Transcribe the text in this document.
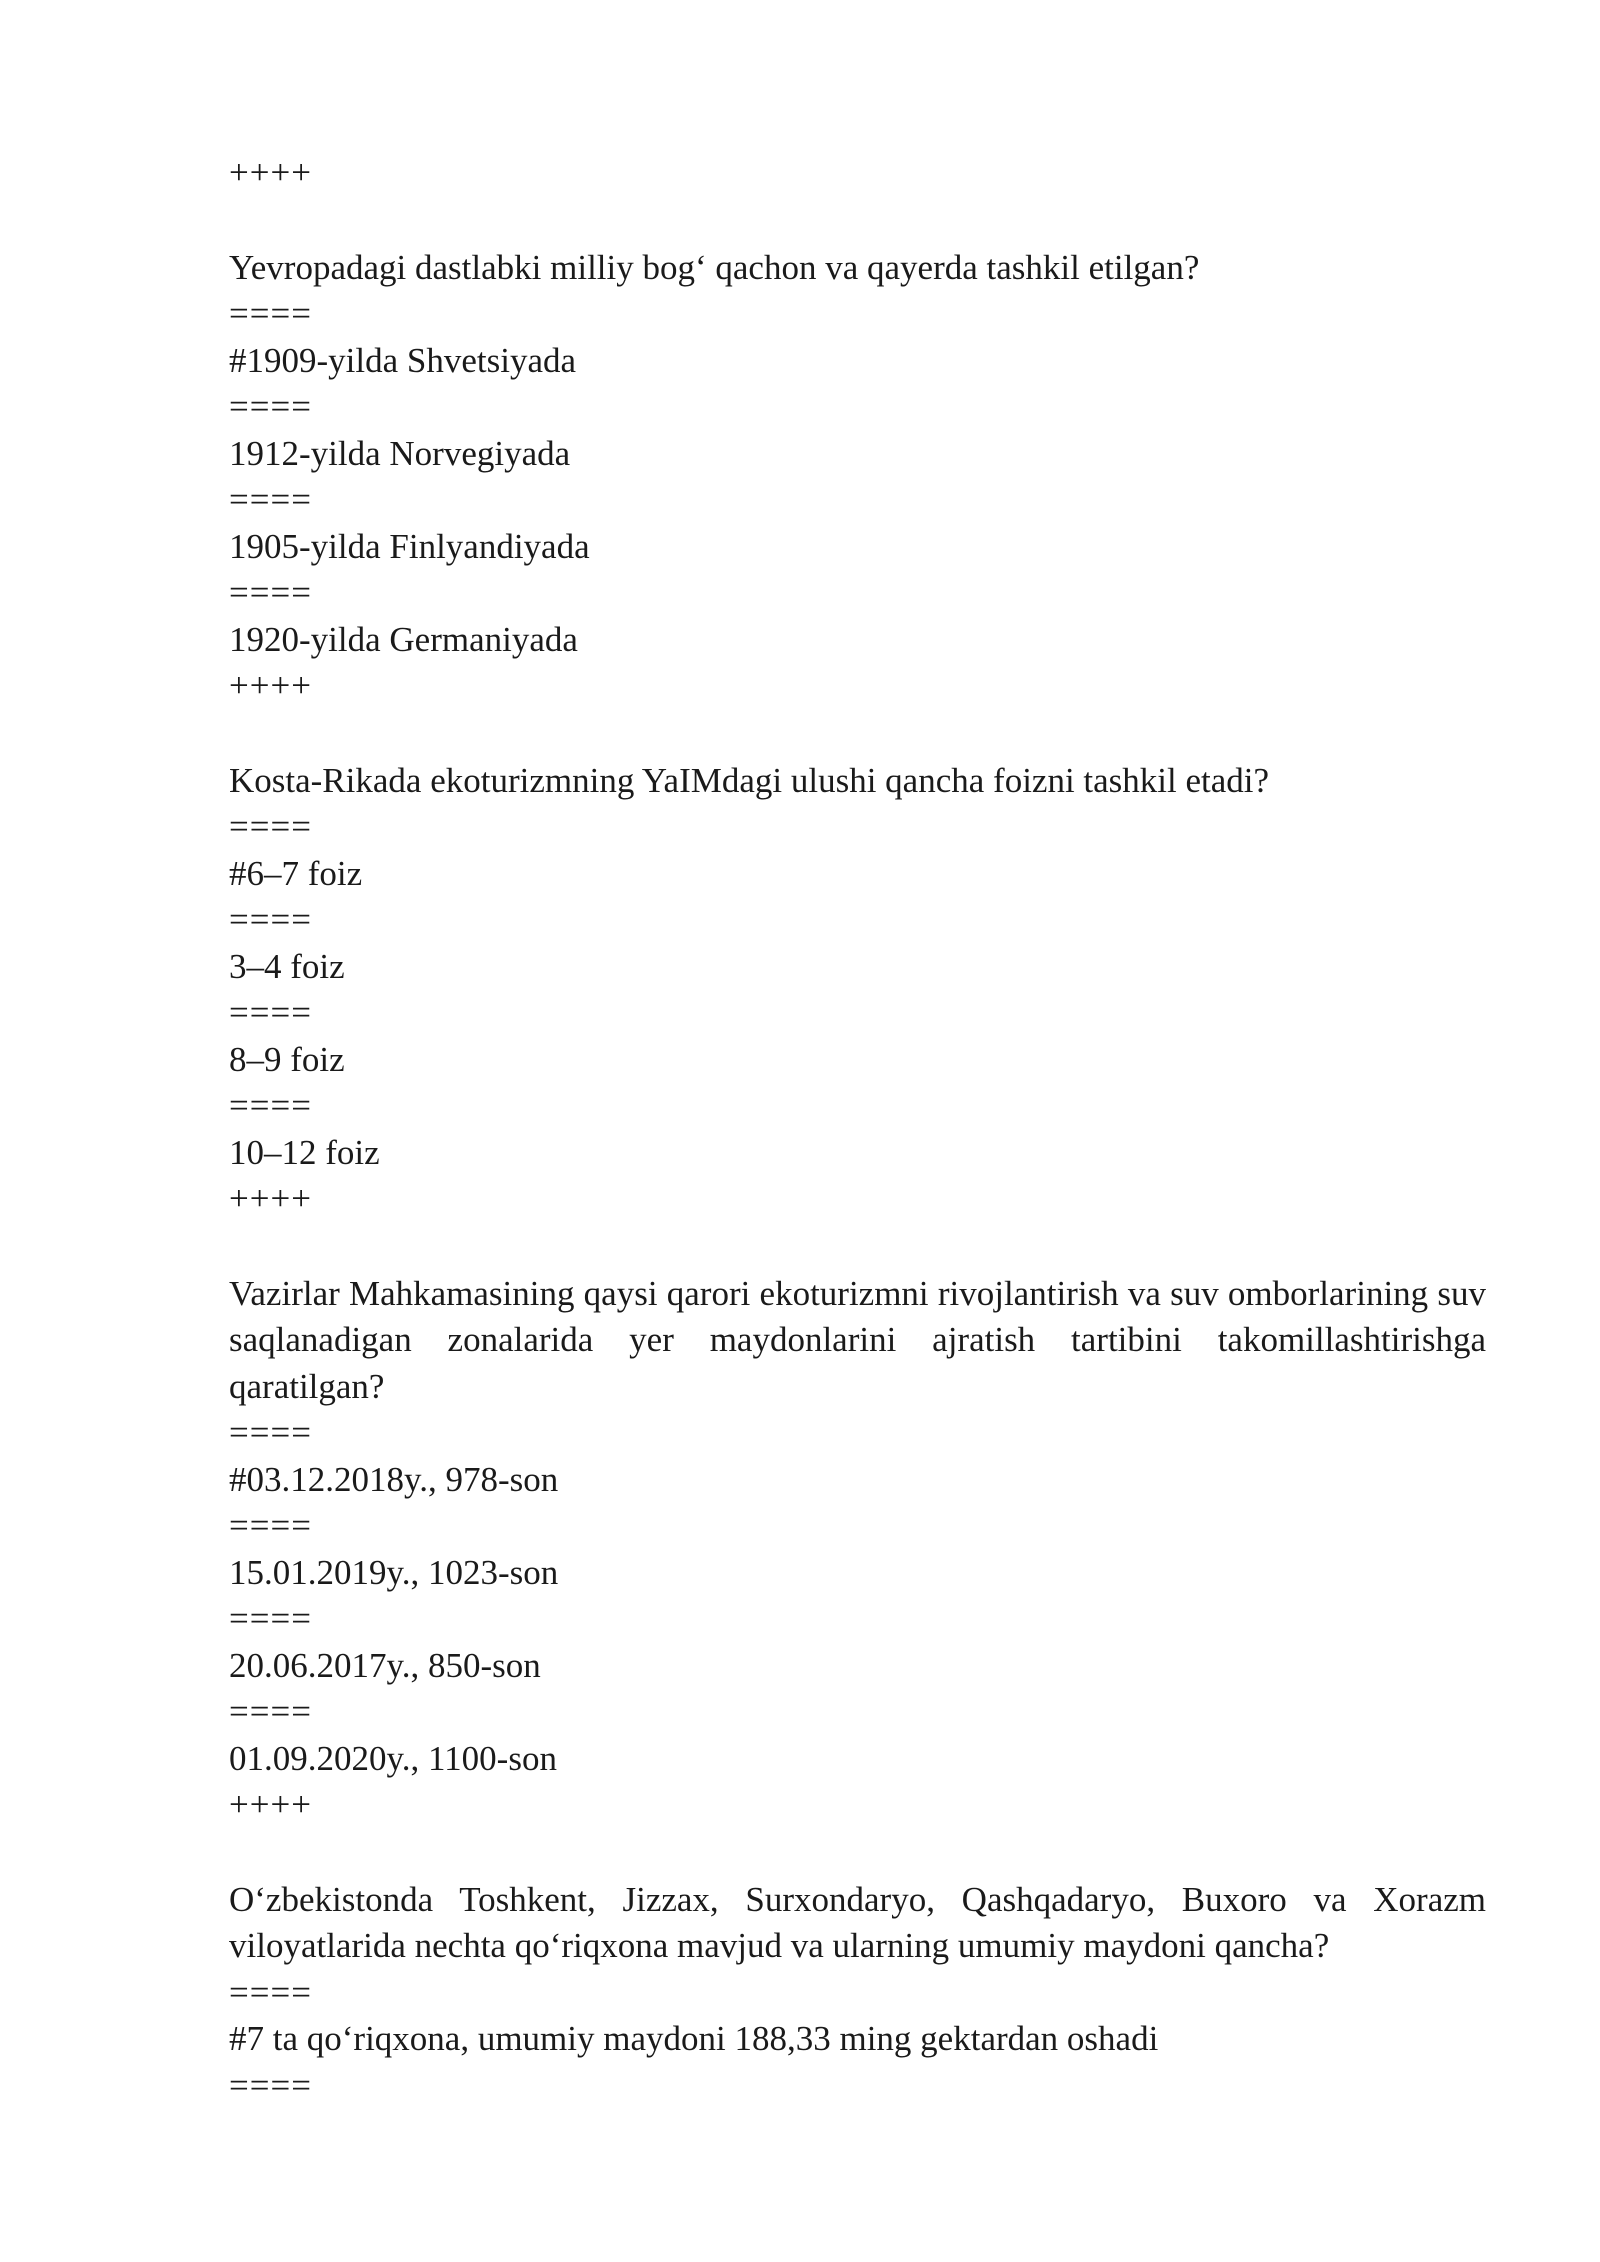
++++

Yevropadagi dastlabki milliy bog‘ qachon va qayerda tashkil etilgan?

====

#1909-yilda Shvetsiyada

====

1912-yilda Norvegiyada

====

1905-yilda Finlyandiyada

====

1920-yilda Germaniyada

++++

Kosta-Rikada ekoturizmning YaIMdagi ulushi qancha foizni tashkil etadi?

====

#6–7 foiz

====

3–4 foiz

====

8–9 foiz

====

10–12 foiz

++++

Vazirlar Mahkamasining qaysi qarori ekoturizmni rivojlantirish va suv omborlarining suv saqlanadigan zonalarida yer maydonlarini ajratish tartibini takomillashtirishga qaratilgan?

====

#03.12.2018y., 978-son

====

15.01.2019y., 1023-son

====

20.06.2017y., 850-son

====

01.09.2020y., 1100-son

++++

O‘zbekistonda Toshkent, Jizzax, Surxondaryo, Qashqadaryo, Buxoro va Xorazm viloyatlarida nechta qo‘riqxona mavjud va ularning umumiy maydoni qancha?

====

#7 ta qo‘riqxona, umumiy maydoni 188,33 ming gektardan oshadi

====
